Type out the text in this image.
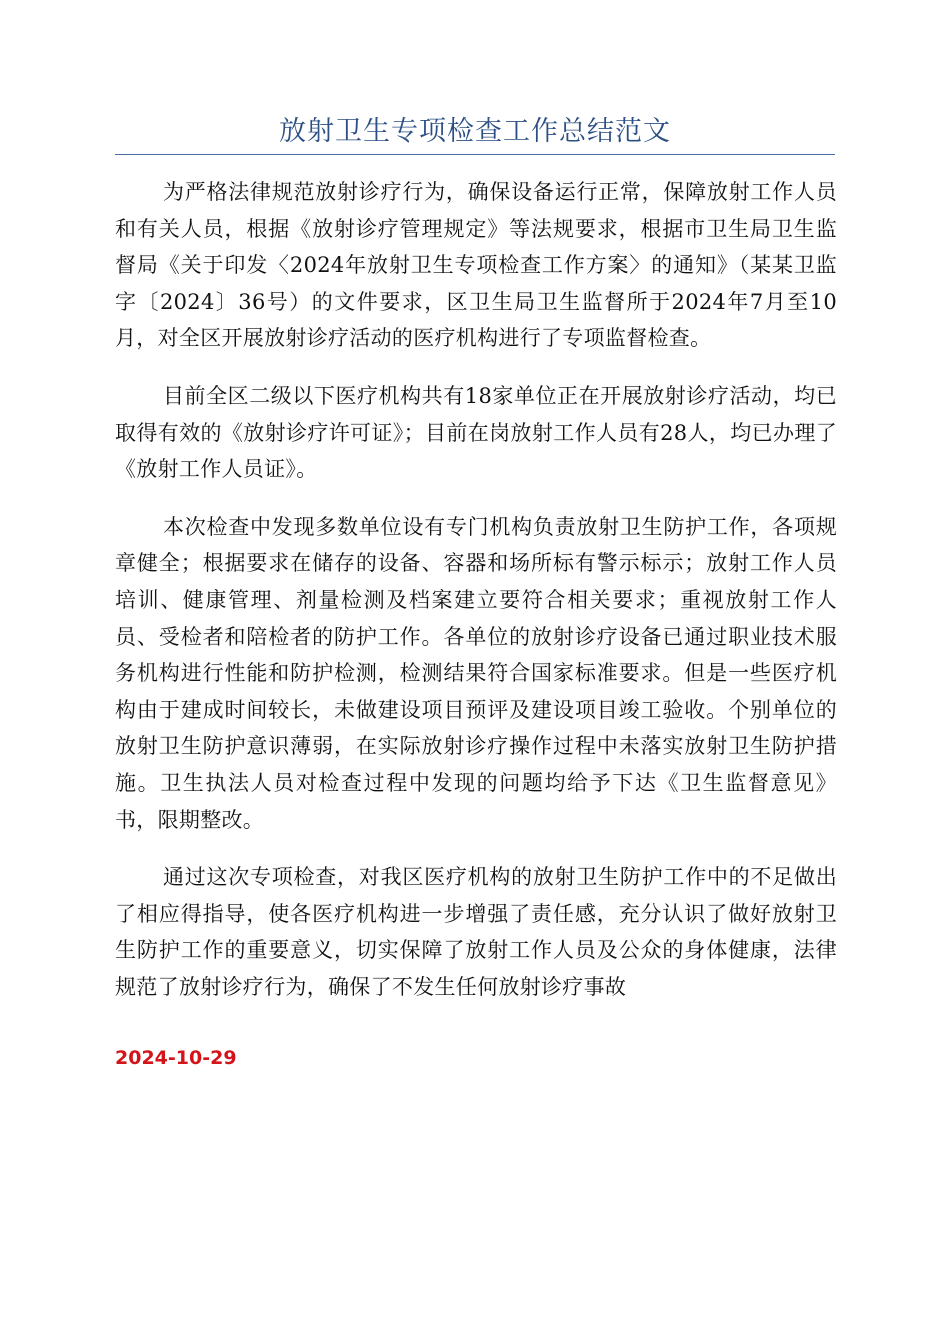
放射卫生专项检查工作总结范文

为严格法律规范放射诊疗行为，确保设备运行正常，保障放射工作人员和有关人员，根据《放射诊疗管理规定》等法规要求，根据市卫生局卫生监督局《关于印发〈2024年放射卫生专项检查工作方案〉的通知》（某某卫监字〔2024〕36号）的文件要求，区卫生局卫生监督所于2024年7月至10月，对全区开展放射诊疗活动的医疗机构进行了专项监督检查。

目前全区二级以下医疗机构共有18家单位正在开展放射诊疗活动，均已取得有效的《放射诊疗许可证》；目前在岗放射工作人员有28人，均已办理了《放射工作人员证》。

本次检查中发现多数单位设有专门机构负责放射卫生防护工作，各项规章健全；根据要求在储存的设备、容器和场所标有警示标示；放射工作人员培训、健康管理、剂量检测及档案建立要符合相关要求；重视放射工作人员、受检者和陪检者的防护工作。各单位的放射诊疗设备已通过职业技术服务机构进行性能和防护检测，检测结果符合国家标准要求。但是一些医疗机构由于建成时间较长，未做建设项目预评及建设项目竣工验收。个别单位的放射卫生防护意识薄弱，在实际放射诊疗操作过程中未落实放射卫生防护措施。卫生执法人员对检查过程中发现的问题均给予下达《卫生监督意见》书，限期整改。

通过这次专项检查，对我区医疗机构的放射卫生防护工作中的不足做出了相应得指导，使各医疗机构进一步增强了责任感，充分认识了做好放射卫生防护工作的重要意义，切实保障了放射工作人员及公众的身体健康，法律规范了放射诊疗行为，确保了不发生任何放射诊疗事故

2024-10-29
